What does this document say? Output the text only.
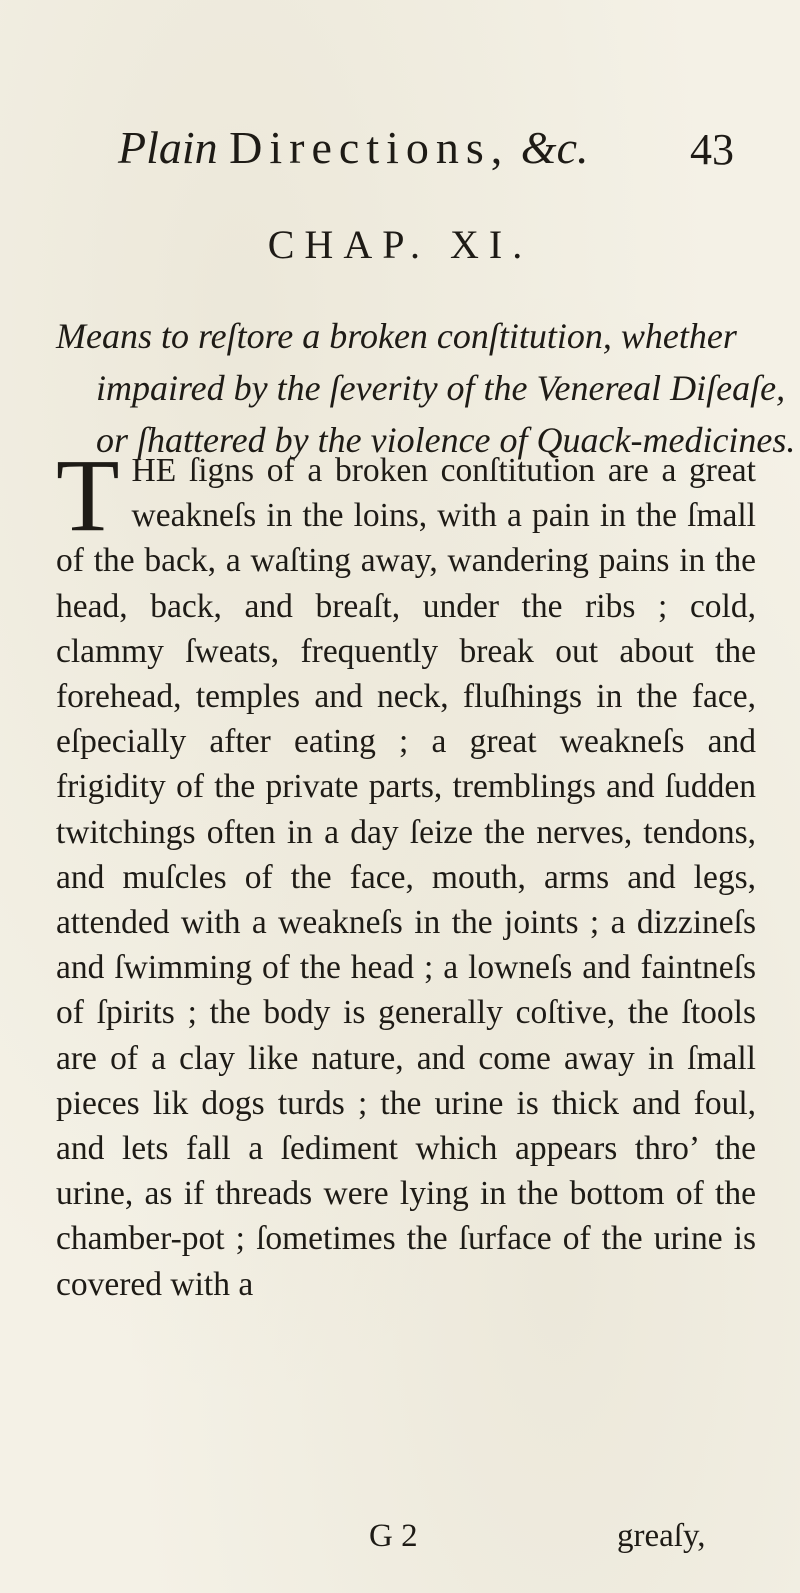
Plain Directions, &c.	43
CHAP. XI.

Means to reſtore a broken conſtitution, whether impaired by the ſeverity of the Venereal Diſeaſe, or ſhattered by the violence of Quack-medicines.

THE ſigns of a broken conſtitution are a great weakneſs in the loins, with a pain in the ſmall of the back, a waſting away, wandering pains in the head, back, and breaſt, under the ribs ; cold, clammy ſweats, frequently break out about the forehead, temples and neck, fluſhings in the face, eſpecially after eating ; a great weakneſs and frigidity of the private parts, tremblings and ſudden twitchings often in a day ſeize the nerves, tendons, and muſcles of the face, mouth, arms and legs, attended with a weakneſs in the joints ; a dizzineſs and ſwimming of the head ; a lowneſs and faintneſs of ſpirits ; the body is generally coſtive, the ſtools are of a clay like nature, and come away in ſmall pieces lik dogs turds ; the urine is thick and foul, and lets fall a ſediment which appears thro’ the urine, as if threads were lying in the bottom of the chamber-pot ; ſometimes the ſurface of the urine is covered with a

G 2	greaſy,
